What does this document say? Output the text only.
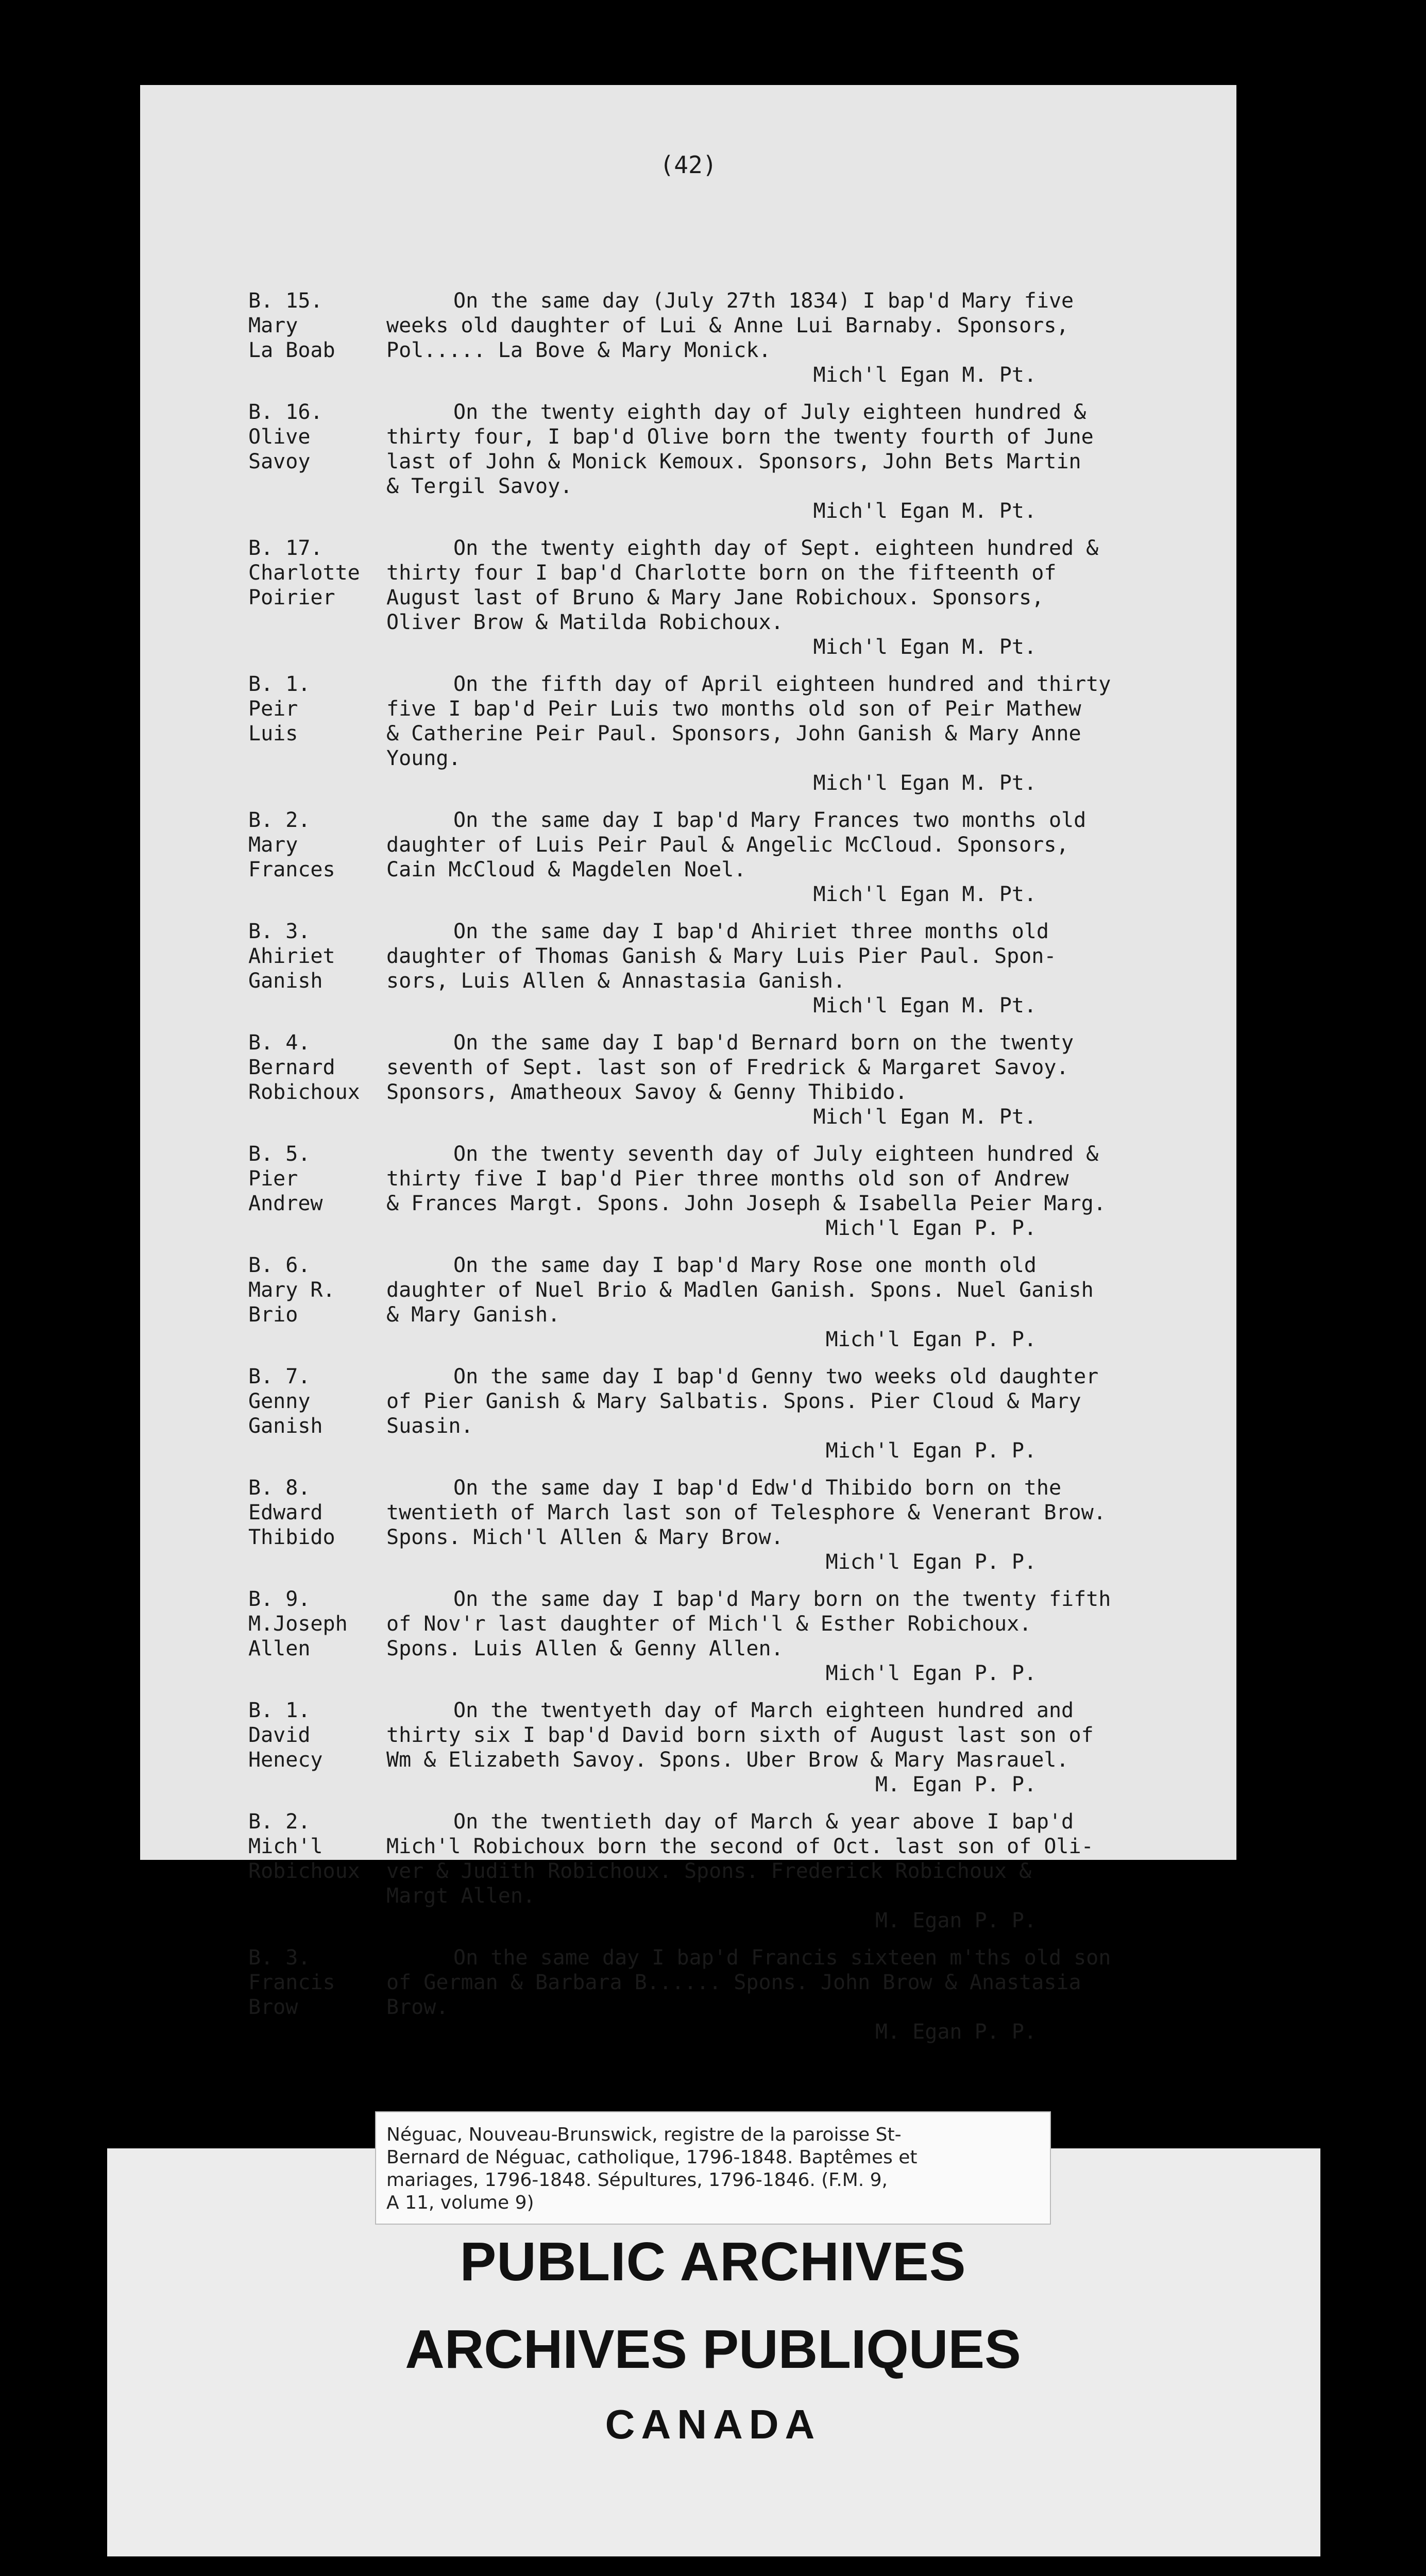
(42)
B. 15.
Mary
La Boab
On the same day (July 27th 1834) I bap'd Mary five
weeks old daughter of Lui & Anne Lui Barnaby. Sponsors,
Pol..... La Bove & Mary Monick.
Mich'l Egan M. Pt.
B. 16.
Olive
Savoy
On the twenty eighth day of July eighteen hundred &
thirty four, I bap'd Olive born the twenty fourth of June
last of John & Monick Kemoux. Sponsors, John Bets Martin
& Tergil Savoy.
Mich'l Egan M. Pt.
B. 17.
Charlotte
Poirier
On the twenty eighth day of Sept. eighteen hundred &
thirty four I bap'd Charlotte born on the fifteenth of
August last of Bruno & Mary Jane Robichoux. Sponsors,
Oliver Brow & Matilda Robichoux.
Mich'l Egan M. Pt.
B. 1.
Peir
Luis
On the fifth day of April eighteen hundred and thirty
five I bap'd Peir Luis two months old son of Peir Mathew
& Catherine Peir Paul. Sponsors, John Ganish & Mary Anne
Young.
Mich'l Egan M. Pt.
B. 2.
Mary
Frances
On the same day I bap'd Mary Frances two months old
daughter of Luis Peir Paul & Angelic McCloud. Sponsors,
Cain McCloud & Magdelen Noel.
Mich'l Egan M. Pt.
B. 3.
Ahiriet
Ganish
On the same day I bap'd Ahiriet three months old
daughter of Thomas Ganish & Mary Luis Pier Paul. Spon-
sors, Luis Allen & Annastasia Ganish.
Mich'l Egan M. Pt.
B. 4.
Bernard
Robichoux
On the same day I bap'd Bernard born on the twenty
seventh of Sept. last son of Fredrick & Margaret Savoy.
Sponsors, Amatheoux Savoy & Genny Thibido.
Mich'l Egan M. Pt.
B. 5.
Pier
Andrew
On the twenty seventh day of July eighteen hundred &
thirty five I bap'd Pier three months old son of Andrew
& Frances Margt. Spons. John Joseph & Isabella Peier Marg.
Mich'l Egan P. P.
B. 6.
Mary R.
Brio
On the same day I bap'd Mary Rose one month old
daughter of Nuel Brio & Madlen Ganish. Spons. Nuel Ganish
& Mary Ganish.
Mich'l Egan P. P.
B. 7.
Genny
Ganish
On the same day I bap'd Genny two weeks old daughter
of Pier Ganish & Mary Salbatis. Spons. Pier Cloud & Mary
Suasin.
Mich'l Egan P. P.
B. 8.
Edward
Thibido
On the same day I bap'd Edw'd Thibido born on the
twentieth of March last son of Telesphore & Venerant Brow.
Spons. Mich'l Allen & Mary Brow.
Mich'l Egan P. P.
B. 9.
M.Joseph
Allen
On the same day I bap'd Mary born on the twenty fifth
of Nov'r last daughter of Mich'l & Esther Robichoux.
Spons. Luis Allen & Genny Allen.
Mich'l Egan P. P.
B. 1.
David
Henecy
On the twentyeth day of March eighteen hundred and
thirty six I bap'd David born sixth of August last son of
Wm & Elizabeth Savoy. Spons. Uber Brow & Mary Masrauel.
M. Egan P. P.
B. 2.
Mich'l
Robichoux
On the twentieth day of March & year above I bap'd
Mich'l Robichoux born the second of Oct. last son of Oli-
ver & Judith Robichoux. Spons. Frederick Robichoux &
Margt Allen.
M. Egan P. P.
B. 3.
Francis
Brow
On the same day I bap'd Francis sixteen m'ths old son
of German & Barbara B...... Spons. John Brow & Anastasia
Brow.
M. Egan P. P.
Néguac, Nouveau-Brunswick, registre de la paroisse St-
Bernard de Néguac, catholique, 1796-1848. Baptêmes et
mariages, 1796-1848. Sépultures, 1796-1846. (F.M. 9,
A 11, volume 9)
PUBLIC ARCHIVES
ARCHIVES PUBLIQUES
CANADA
